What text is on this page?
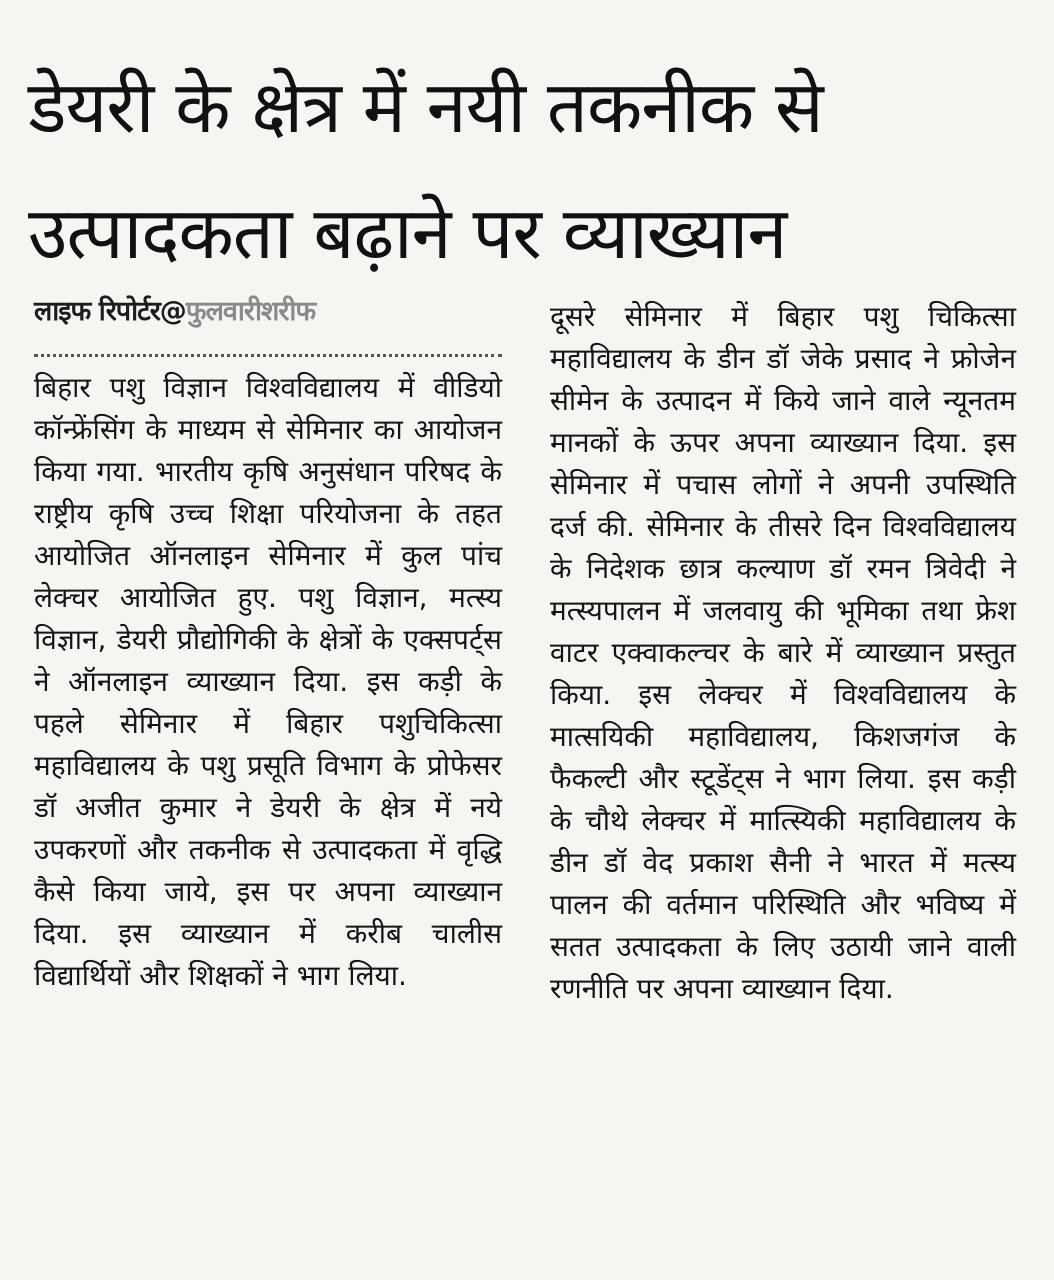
डेयरी के क्षेत्र में नयी तकनीक से
उत्पादकता बढ़ाने पर व्याख्यान
लाइफ रिपोर्टर@फुलवारीशरीफ

बिहार पशु विज्ञान विश्वविद्यालय में वीडियो कॉन्फ्रेंसिंग के माध्यम से सेमिनार का आयोजन किया गया. भारतीय कृषि अनुसंधान परिषद के राष्ट्रीय कृषि उच्च शिक्षा परियोजना के तहत आयोजित ऑनलाइन सेमिनार में कुल पांच लेक्चर आयोजित हुए. पशु विज्ञान, मत्स्य विज्ञान, डेयरी प्रौद्योगिकी के क्षेत्रों के एक्सपर्ट्स ने ऑनलाइन व्याख्यान दिया. इस कड़ी के पहले सेमिनार में बिहार पशुचिकित्सा महाविद्यालय के पशु प्रसूति विभाग के प्रोफेसर डॉ अजीत कुमार ने डेयरी के क्षेत्र में नये उपकरणों और तकनीक से उत्पादकता में वृद्धि कैसे किया जाये, इस पर अपना व्याख्यान दिया. इस व्याख्यान में करीब चालीस विद्यार्थियों और शिक्षकों ने भाग लिया.

दूसरे सेमिनार में बिहार पशु चिकित्सा महाविद्यालय के डीन डॉ जेके प्रसाद ने फ्रोजेन सीमेन के उत्पादन में किये जाने वाले न्यूनतम मानकों के ऊपर अपना व्याख्यान दिया. इस सेमिनार में पचास लोगों ने अपनी उपस्थिति दर्ज की. सेमिनार के तीसरे दिन विश्वविद्यालय के निदेशक छात्र कल्याण डॉ रमन त्रिवेदी ने मत्स्यपालन में जलवायु की भूमिका तथा फ्रेश वाटर एक्वाकल्चर के बारे में व्याख्यान प्रस्तुत किया. इस लेक्चर में विश्वविद्यालय के मात्सयिकी महाविद्यालय, किशजगंज के फैकल्टी और स्टूडेंट्स ने भाग लिया. इस कड़ी के चौथे लेक्चर में मात्स्यिकी महाविद्यालय के डीन डॉ वेद प्रकाश सैनी ने भारत में मत्स्य पालन की वर्तमान परिस्थिति और भविष्य में सतत उत्पादकता के लिए उठायी जाने वाली रणनीति पर अपना व्याख्यान दिया.
